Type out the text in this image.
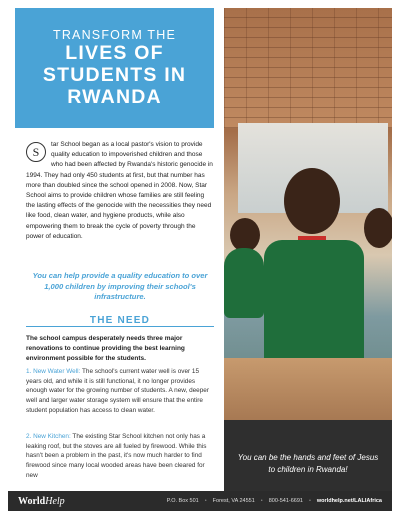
TRANSFORM THE
LIVES OF
STUDENTS IN
RWANDA
You can be the hands and feet of Jesus to children in Rwanda!
S
tar School began as a local pastor's vision to provide quality education to impoverished children and those who had been affected by Rwanda's historic genocide in 1994. They had only 450 students at first, but that number has more than doubled since the school opened in 2008. Now, Star School aims to provide children whose families are still feeling the lasting effects of the genocide with the necessities they need like food, clean water, and hygiene products, while also empowering them to break the cycle of poverty through the power of education.
You can help provide a quality education to over 1,000 children by improving their school's infrastructure.
THE NEED
The school campus desperately needs three major renovations to continue providing the best learning environment possible for the students.
1. New Water Well: The school's current water well is over 15 years old, and while it is still functional, it no longer provides enough water for the growing number of students. A new, deeper well and larger water storage system will ensure that the entire student population has access to clean water.
2. New Kitchen: The existing Star School kitchen not only has a leaking roof, but the stoves are all fueled by firewood. While this hasn't been a problem in the past, it's now much harder to find firewood since many local wooded areas have been cleared for new
WorldHelp	P.O. Box 501 • Forest, VA 24551 • 800-541-6691 • worldhelp.net/LALIAfrica
